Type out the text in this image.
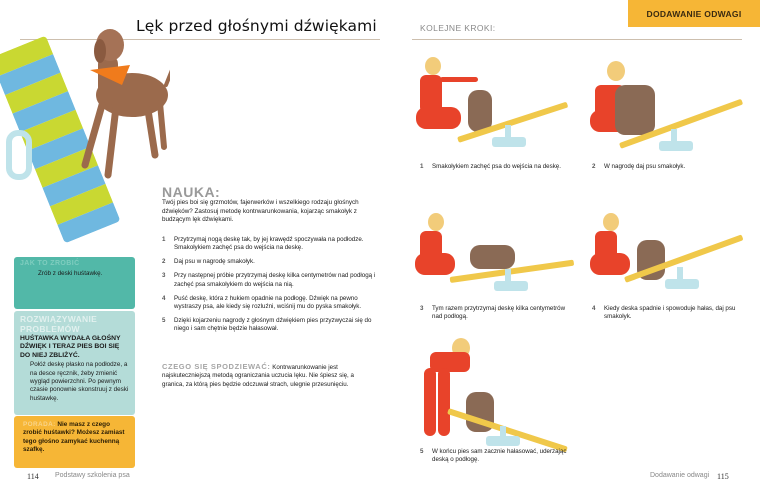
Lęk przed głośnymi dźwiękami	KOLEJNE KROKI:
DODAWANIE ODWAGI
NAUKA:
Twój pies boi się grzmotów, fajerwerków i wszelkiego rodzaju głośnych dźwięków? Zastosuj metodę kontrwarunkowania, kojarząc smakołyk z budzącym lęk dźwiękami.
1	Przytrzymaj nogą deskę tak, by jej krawędź spoczywała na podłodze. Smakołykiem zachęć psa do wejścia na deskę.
2	Daj psu w nagrodę smakołyk.
3	Przy następnej próbie przytrzymaj deskę kilka centymetrów nad podłogą i zachęć psa smakołykiem do wejścia na nią.
4	Puść deskę, która z hukiem opadnie na podłogę. Dźwięk na pewno wystraszy psa, ale kiedy się rozluźni, wciśnij mu do pyska smakołyk.
5	Dzięki kojarzeniu nagrody z głośnym dźwiękiem pies przyzwyczai się do niego i sam chętnie będzie hałasował.
CZEGO SIĘ SPODZIEWAĆ: Kontrwarunkowanie jest najskuteczniejszą metodą ograniczania uczucia lęku. Nie śpiesz się, a granica, za którą pies będzie odczuwał strach, ulegnie przesunięciu.
JAK TO ZROBIĆ
Zrób z deski huśtawkę.
ROZWIĄZYWANIE PROBLEMÓW
HUŚTAWKA WYDAŁA GŁOŚNY DŹWIĘK I TERAZ PIES BOI SIĘ DO NIEJ ZBLIŻYĆ.
Połóż deskę płasko na podłodze, a na desce ręcznik, żeby zmienić wygląd powierzchni. Po pewnym czasie ponownie skonstruuj z deski huśtawkę.
PORADA: Nie masz z czego zrobić huśtawki? Możesz zamiast tego głośno zamykać kuchenną szafkę.
1	Smakołykiem zachęć psa do wejścia na deskę.	2	W nagrodę daj psu smakołyk.
3	Tym razem przytrzymaj deskę kilka centymetrów nad podłogą.
4	Kiedy deska spadnie i spowoduje hałas, daj psu smakołyk.
5	W końcu pies sam zacznie hałasować, uderzając deską o podłogę.
114 Podstawy szkolenia psa	Dodawanie odwagi 115
